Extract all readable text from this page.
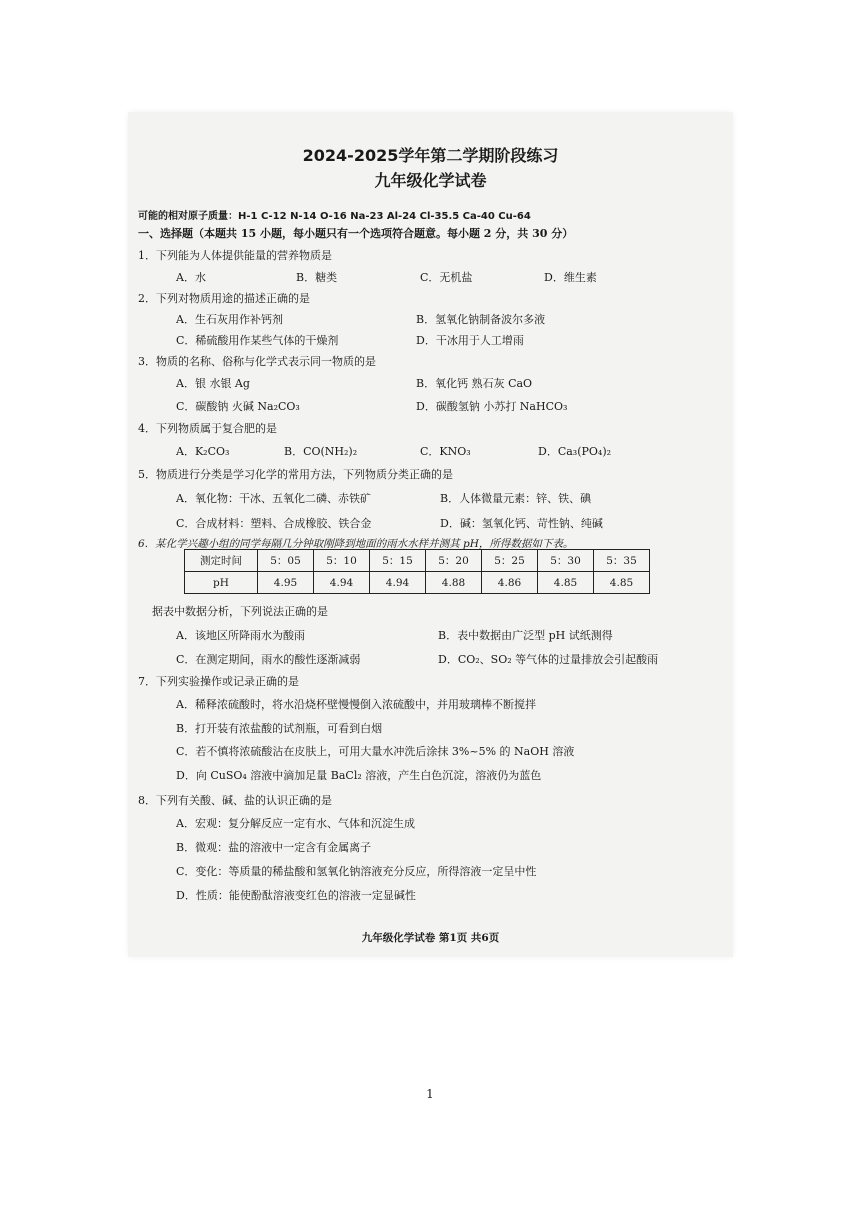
2024-2025学年第二学期阶段练习
九年级化学试卷
可能的相对原子质量：H-1 C-12 N-14 O-16 Na-23 Al-24 Cl-35.5 Ca-40 Cu-64
一、选择题（本题共 15 小题，每小题只有一个选项符合题意。每小题 2 分，共 30 分）
1．下列能为人体提供能量的营养物质是
A．水	B．糖类	C．无机盐	D．维生素
2．下列对物质用途的描述正确的是
A．生石灰用作补钙剂	B．氢氧化钠制备波尔多液
C．稀硫酸用作某些气体的干燥剂	D．干冰用于人工增雨
3．物质的名称、俗称与化学式表示同一物质的是
A．银 水银 Ag	B．氧化钙 熟石灰 CaO
C．碳酸钠 火碱 Na₂CO₃	D．碳酸氢钠 小苏打 NaHCO₃
4．下列物质属于复合肥的是
A．K₂CO₃	B．CO(NH₂)₂	C．KNO₃	D．Ca₃(PO₄)₂
5．物质进行分类是学习化学的常用方法，下列物质分类正确的是
A．氧化物：干冰、五氧化二磷、赤铁矿	B．人体微量元素：锌、铁、碘
C．合成材料：塑料、合成橡胶、铁合金	D．碱：氢氧化钙、苛性钠、纯碱
6．某化学兴趣小组的同学每隔几分钟取刚降到地面的雨水水样并测其 pH，所得数据如下表。
测定时间	5：05	5：10	5：15	5：20	5：25	5：30	5：35
pH	4.95	4.94	4.94	4.88	4.86	4.85	4.85
据表中数据分析，下列说法正确的是
A．该地区所降雨水为酸雨	B．表中数据由广泛型 pH 试纸测得
C．在测定期间，雨水的酸性逐渐减弱	D．CO₂、SO₂ 等气体的过量排放会引起酸雨
7．下列实验操作或记录正确的是
A．稀释浓硫酸时，将水沿烧杯壁慢慢倒入浓硫酸中，并用玻璃棒不断搅拌
B．打开装有浓盐酸的试剂瓶，可看到白烟
C．若不慎将浓硫酸沾在皮肤上，可用大量水冲洗后涂抹 3%~5% 的 NaOH 溶液
D．向 CuSO₄ 溶液中滴加足量 BaCl₂ 溶液，产生白色沉淀，溶液仍为蓝色
8．下列有关酸、碱、盐的认识正确的是
A．宏观：复分解反应一定有水、气体和沉淀生成
B．微观：盐的溶液中一定含有金属离子
C．变化：等质量的稀盐酸和氢氧化钠溶液充分反应，所得溶液一定呈中性
D．性质：能使酚酞溶液变红色的溶液一定显碱性
九年级化学试卷 第1页 共6页
1
